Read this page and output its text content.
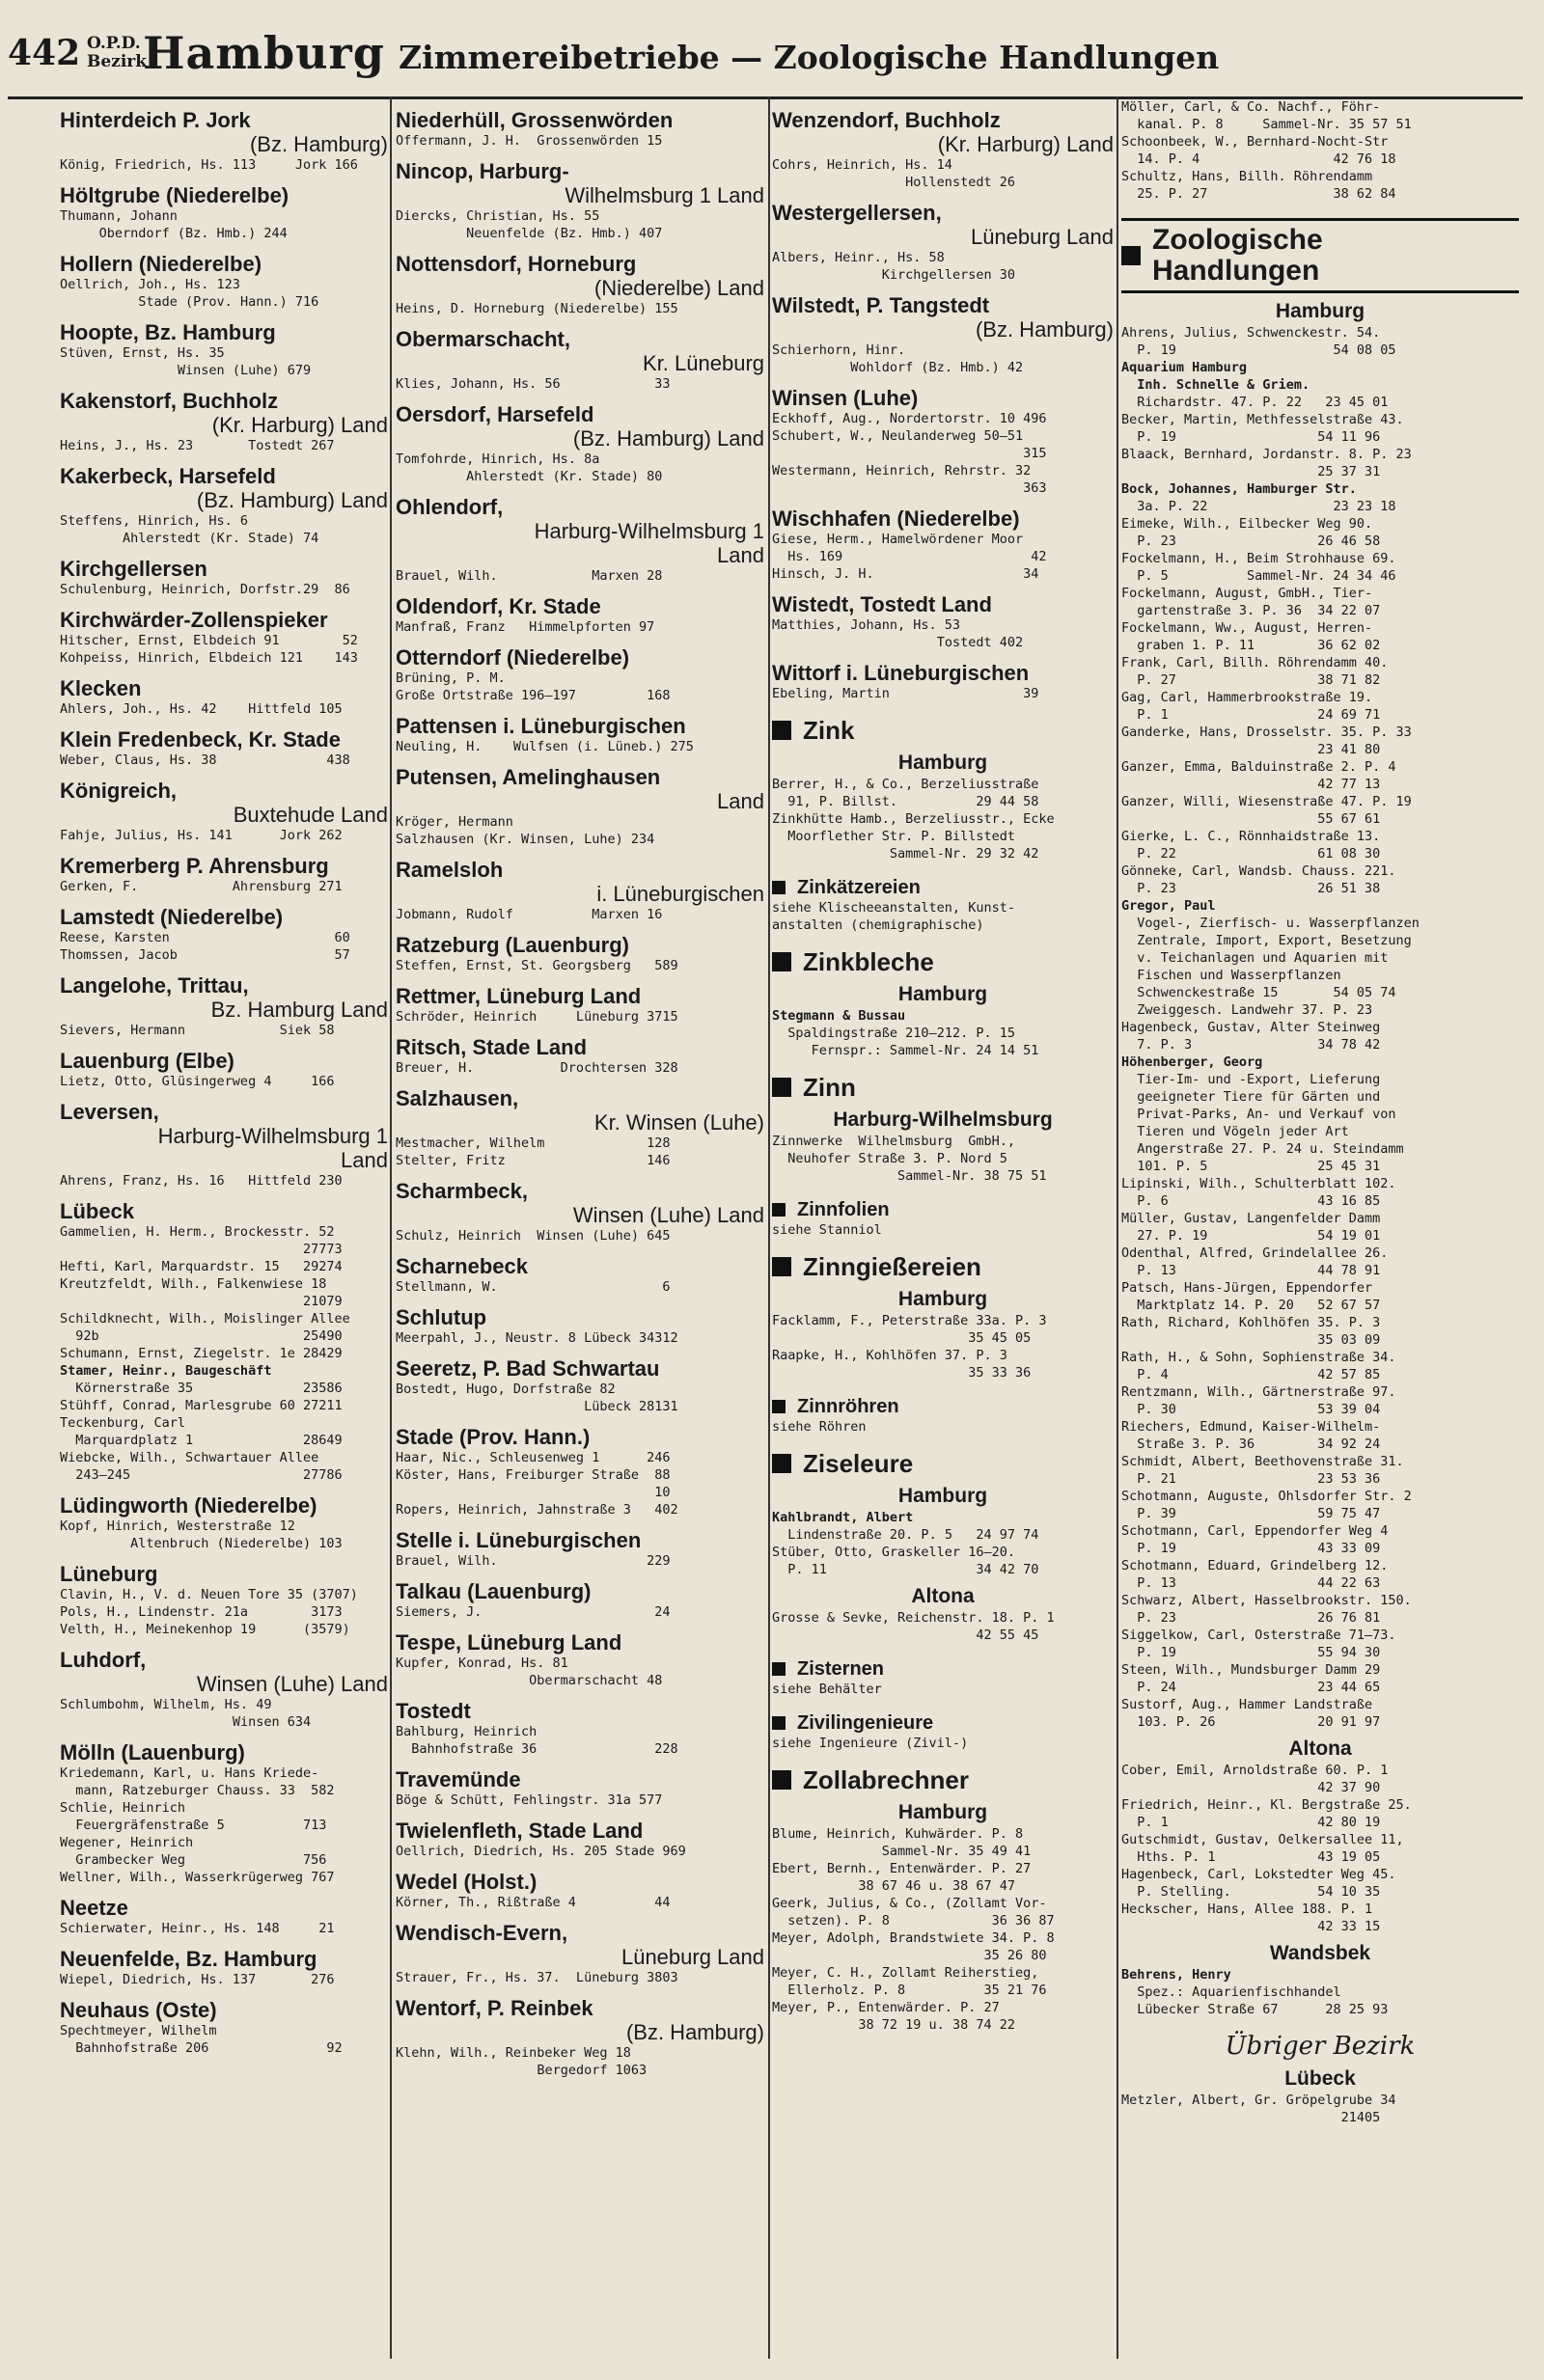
442 O.P.D.
Bezirk
Hamburg Zimmereibetriebe — Zoologische Handlungen
Hinterdeich P. Jork
(Bz. Hamburg)
König, Friedrich, Hs. 113     Jork 166
Höltgrube (Niederelbe)
Thumann, Johann
Oberndorf (Bz. Hmb.) 244
Hollern (Niederelbe)
Oellrich, Joh., Hs. 123
Stade (Prov. Hann.) 716
Hoopte, Bz. Hamburg
Stüven, Ernst, Hs. 35
Winsen (Luhe) 679
Kakenstorf, Buchholz
(Kr. Harburg) Land
Heins, J., Hs. 23       Tostedt 267
Kakerbeck, Harsefeld
(Bz. Hamburg) Land
Steffens, Hinrich, Hs. 6
Ahlerstedt (Kr. Stade) 74
Kirchgellersen
Schulenburg, Heinrich, Dorfstr.29  86
Kirchwärder-Zollenspieker
Hitscher, Ernst, Elbdeich 91        52
Kohpeiss, Hinrich, Elbdeich 121    143
Klecken
Ahlers, Joh., Hs. 42    Hittfeld 105
Klein Fredenbeck, Kr. Stade
Weber, Claus, Hs. 38              438
Königreich,
Buxtehude Land
Fahje, Julius, Hs. 141      Jork 262
Kremerberg P. Ahrensburg
Gerken, F.            Ahrensburg 271
Lamstedt (Niederelbe)
Reese, Karsten                     60
Thomssen, Jacob                    57
Langelohe, Trittau,
Bz. Hamburg Land
Sievers, Hermann            Siek 58
Lauenburg (Elbe)
Lietz, Otto, Glüsingerweg 4     166
Leversen,
Harburg-Wilhelmsburg 1
Land
Ahrens, Franz, Hs. 16   Hittfeld 230
Lübeck
Gammelien, H. Herm., Brockesstr. 52
27773
Hefti, Karl, Marquardstr. 15   29274
Kreutzfeldt, Wilh., Falkenwiese 18
21079
Schildknecht, Wilh., Moislinger Allee
92b                          25490
Schumann, Ernst, Ziegelstr. 1e 28429
Stamer, Heinr., Baugeschäft
Körnerstraße 35              23586
Stühff, Conrad, Marlesgrube 60 27211
Teckenburg, Carl
Marquardplatz 1              28649
Wiebcke, Wilh., Schwartauer Allee
243—245                      27786
Lüdingworth (Niederelbe)
Kopf, Hinrich, Westerstraße 12
Altenbruch (Niederelbe) 103
Lüneburg
Clavin, H., V. d. Neuen Tore 35 (3707)
Pols, H., Lindenstr. 21a        3173
Velth, H., Meinekenhop 19      (3579)
Luhdorf,
Winsen (Luhe) Land
Schlumbohm, Wilhelm, Hs. 49
Winsen 634
Mölln (Lauenburg)
Kriedemann, Karl, u. Hans Kriede-
mann, Ratzeburger Chauss. 33  582
Schlie, Heinrich
Feuergräfenstraße 5          713
Wegener, Heinrich
Grambecker Weg               756
Wellner, Wilh., Wasserkrügerweg 767
Neetze
Schierwater, Heinr., Hs. 148     21
Neuenfelde, Bz. Hamburg
Wiepel, Diedrich, Hs. 137       276
Neuhaus (Oste)
Spechtmeyer, Wilhelm
Bahnhofstraße 206               92
Niederhüll, Grossenwörden
Offermann, J. H.  Grossenwörden 15
Nincop, Harburg-
Wilhelmsburg 1 Land
Diercks, Christian, Hs. 55
Neuenfelde (Bz. Hmb.) 407
Nottensdorf, Horneburg
(Niederelbe) Land
Heins, D. Horneburg (Niederelbe) 155
Obermarschacht,
Kr. Lüneburg
Klies, Johann, Hs. 56            33
Oersdorf, Harsefeld
(Bz. Hamburg) Land
Tomfohrde, Hinrich, Hs. 8a
Ahlerstedt (Kr. Stade) 80
Ohlendorf,
Harburg-Wilhelmsburg 1
Land
Brauel, Wilh.            Marxen 28
Oldendorf, Kr. Stade
Manfraß, Franz   Himmelpforten 97
Otterndorf (Niederelbe)
Brüning, P. M.
Große Ortstraße 196—197         168
Pattensen i. Lüneburgischen
Neuling, H.    Wulfsen (i. Lüneb.) 275
Putensen, Amelinghausen
Land
Kröger, Hermann
Salzhausen (Kr. Winsen, Luhe) 234
Ramelsloh
i. Lüneburgischen
Jobmann, Rudolf          Marxen 16
Ratzeburg (Lauenburg)
Steffen, Ernst, St. Georgsberg   589
Rettmer, Lüneburg Land
Schröder, Heinrich     Lüneburg 3715
Ritsch, Stade Land
Breuer, H.           Drochtersen 328
Salzhausen,
Kr. Winsen (Luhe)
Mestmacher, Wilhelm             128
Stelter, Fritz                  146
Scharmbeck,
Winsen (Luhe) Land
Schulz, Heinrich  Winsen (Luhe) 645
Scharnebeck
Stellmann, W.                     6
Schlutup
Meerpahl, J., Neustr. 8 Lübeck 34312
Seeretz, P. Bad Schwartau
Bostedt, Hugo, Dorfstraße 82
Lübeck 28131
Stade (Prov. Hann.)
Haar, Nic., Schleusenweg 1      246
Köster, Hans, Freiburger Straße  88
10
Ropers, Heinrich, Jahnstraße 3   402
Stelle i. Lüneburgischen
Brauel, Wilh.                   229
Talkau (Lauenburg)
Siemers, J.                      24
Tespe, Lüneburg Land
Kupfer, Konrad, Hs. 81
Obermarschacht 48
Tostedt
Bahlburg, Heinrich
Bahnhofstraße 36               228
Travemünde
Böge & Schütt, Fehlingstr. 31a 577
Twielenfleth, Stade Land
Oellrich, Diedrich, Hs. 205 Stade 969
Wedel (Holst.)
Körner, Th., Rißtraße 4          44
Wendisch-Evern,
Lüneburg Land
Strauer, Fr., Hs. 37.  Lüneburg 3803
Wentorf, P. Reinbek
(Bz. Hamburg)
Klehn, Wilh., Reinbeker Weg 18
Bergedorf 1063
Wenzendorf, Buchholz
(Kr. Harburg) Land
Cohrs, Heinrich, Hs. 14
Hollenstedt 26
Westergellersen,
Lüneburg Land
Albers, Heinr., Hs. 58
Kirchgellersen 30
Wilstedt, P. Tangstedt
(Bz. Hamburg)
Schierhorn, Hinr.
Wohldorf (Bz. Hmb.) 42
Winsen (Luhe)
Eckhoff, Aug., Nordertorstr. 10 496
Schubert, W., Neulanderweg 50—51
315
Westermann, Heinrich, Rehrstr. 32
363
Wischhafen (Niederelbe)
Giese, Herm., Hamelwördener Moor
Hs. 169                        42
Hinsch, J. H.                   34
Wistedt, Tostedt Land
Matthies, Johann, Hs. 53
Tostedt 402
Wittorf i. Lüneburgischen
Ebeling, Martin                 39
Zink
Hamburg
Berrer, H., & Co., Berzeliusstraße
91, P. Billst.          29 44 58
Zinkhütte Hamb., Berzeliusstr., Ecke
Moorflether Str. P. Billstedt
Sammel-Nr. 29 32 42
Zinkätzereien
siehe Klischeeanstalten, Kunst-
anstalten (chemigraphische)
Zinkbleche
Hamburg
Stegmann & Bussau
Spaldingstraße 210—212. P. 15
Fernspr.: Sammel-Nr. 24 14 51
Zinn
Harburg-Wilhelmsburg
Zinnwerke  Wilhelmsburg  GmbH.,
Neuhofer Straße 3. P. Nord 5
Sammel-Nr. 38 75 51
Zinnfolien
siehe Stanniol
Zinngießereien
Hamburg
Facklamm, F., Peterstraße 33a. P. 3
35 45 05
Raapke, H., Kohlhöfen 37. P. 3
35 33 36
Zinnröhren
siehe Röhren
Ziseleure
Hamburg
Kahlbrandt, Albert
Lindenstraße 20. P. 5   24 97 74
Stüber, Otto, Graskeller 16—20.
P. 11                   34 42 70
Altona
Grosse & Sevke, Reichenstr. 18. P. 1
42 55 45
Zisternen
siehe Behälter
Zivilingenieure
siehe Ingenieure (Zivil-)
Zollabrechner
Hamburg
Blume, Heinrich, Kuhwärder. P. 8
Sammel-Nr. 35 49 41
Ebert, Bernh., Entenwärder. P. 27
38 67 46 u. 38 67 47
Geerk, Julius, & Co., (Zollamt Vor-
setzen). P. 8             36 36 87
Meyer, Adolph, Brandstwiete 34. P. 8
35 26 80
Meyer, C. H., Zollamt Reiherstieg,
Ellerholz. P. 8          35 21 76
Meyer, P., Entenwärder. P. 27
38 72 19 u. 38 74 22
Möller, Carl, & Co. Nachf., Föhr-
kanal. P. 8     Sammel-Nr. 35 57 51
Schoonbeek, W., Bernhard-Nocht-Str
14. P. 4                 42 76 18
Schultz, Hans, Billh. Röhrendamm
25. P. 27                38 62 84
Zoologische
Handlungen
Hamburg
Ahrens, Julius, Schwenckestr. 54.
P. 19                    54 08 05
Aquarium Hamburg
Inh. Schnelle & Griem.
Richardstr. 47. P. 22   23 45 01
Becker, Martin, Methfesselstraße 43.
P. 19                  54 11 96
Blaack, Bernhard, Jordanstr. 8. P. 23
25 37 31
Bock, Johannes, Hamburger Str.
3a. P. 22                23 23 18
Eimeke, Wilh., Eilbecker Weg 90.
P. 23                  26 46 58
Fockelmann, H., Beim Strohhause 69.
P. 5          Sammel-Nr. 24 34 46
Fockelmann, August, GmbH., Tier-
gartenstraße 3. P. 36  34 22 07
Fockelmann, Ww., August, Herren-
graben 1. P. 11        36 62 02
Frank, Carl, Billh. Röhrendamm 40.
P. 27                  38 71 82
Gag, Carl, Hammerbrookstraße 19.
P. 1                   24 69 71
Ganderke, Hans, Drosselstr. 35. P. 33
23 41 80
Ganzer, Emma, Balduinstraße 2. P. 4
42 77 13
Ganzer, Willi, Wiesenstraße 47. P. 19
55 67 61
Gierke, L. C., Rönnhaidstraße 13.
P. 22                  61 08 30
Gönneke, Carl, Wandsb. Chauss. 221.
P. 23                  26 51 38
Gregor, Paul
Vogel-, Zierfisch- u. Wasserpflanzen
Zentrale, Import, Export, Besetzung
v. Teichanlagen und Aquarien mit
Fischen und Wasserpflanzen
Schwenckestraße 15       54 05 74
Zweiggesch. Landwehr 37. P. 23
Hagenbeck, Gustav, Alter Steinweg
7. P. 3                34 78 42
Höhenberger, Georg
Tier-Im- und -Export, Lieferung
geeigneter Tiere für Gärten und
Privat-Parks, An- und Verkauf von
Tieren und Vögeln jeder Art
Angerstraße 27. P. 24 u. Steindamm
101. P. 5              25 45 31
Lipinski, Wilh., Schulterblatt 102.
P. 6                   43 16 85
Müller, Gustav, Langenfelder Damm
27. P. 19              54 19 01
Odenthal, Alfred, Grindelallee 26.
P. 13                  44 78 91
Patsch, Hans-Jürgen, Eppendorfer
Marktplatz 14. P. 20   52 67 57
Rath, Richard, Kohlhöfen 35. P. 3
35 03 09
Rath, H., & Sohn, Sophienstraße 34.
P. 4                   42 57 85
Rentzmann, Wilh., Gärtnerstraße 97.
P. 30                  53 39 04
Riechers, Edmund, Kaiser-Wilhelm-
Straße 3. P. 36        34 92 24
Schmidt, Albert, Beethovenstraße 31.
P. 21                  23 53 36
Schotmann, Auguste, Ohlsdorfer Str. 2
P. 39                  59 75 47
Schotmann, Carl, Eppendorfer Weg 4
P. 19                  43 33 09
Schotmann, Eduard, Grindelberg 12.
P. 13                  44 22 63
Schwarz, Albert, Hasselbrookstr. 150.
P. 23                  26 76 81
Siggelkow, Carl, Osterstraße 71—73.
P. 19                  55 94 30
Steen, Wilh., Mundsburger Damm 29
P. 24                  23 44 65
Sustorf, Aug., Hammer Landstraße
103. P. 26             20 91 97
Altona
Cober, Emil, Arnoldstraße 60. P. 1
42 37 90
Friedrich, Heinr., Kl. Bergstraße 25.
P. 1                   42 80 19
Gutschmidt, Gustav, Oelkersallee 11,
Hths. P. 1             43 19 05
Hagenbeck, Carl, Lokstedter Weg 45.
P. Stelling.           54 10 35
Heckscher, Hans, Allee 188. P. 1
42 33 15
Wandsbek
Behrens, Henry
Spez.: Aquarienfischhandel
Lübecker Straße 67      28 25 93
Übriger Bezirk
Lübeck
Metzler, Albert, Gr. Gröpelgrube 34
21405
